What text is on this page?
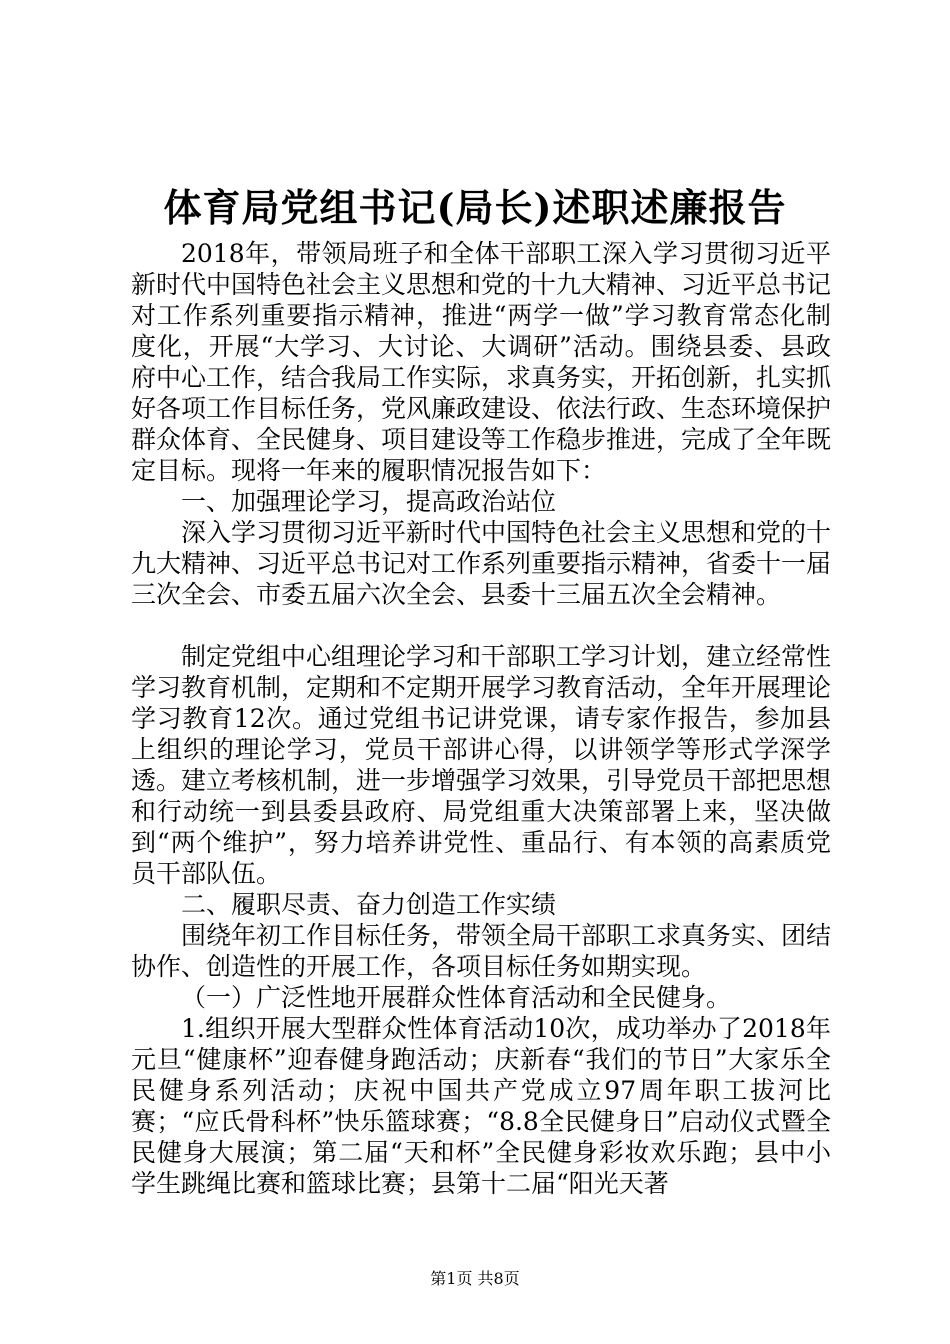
体育局党组书记(局长)述职述廉报告

2018年，带领局班子和全体干部职工深入学习贯彻习近平新时代中国特色社会主义思想和党的十九大精神、习近平总书记对工作系列重要指示精神，推进“两学一做”学习教育常态化制度化，开展“大学习、大讨论、大调研”活动。围绕县委、县政府中心工作，结合我局工作实际，求真务实，开拓创新，扎实抓好各项工作目标任务，党风廉政建设、依法行政、生态环境保护群众体育、全民健身、项目建设等工作稳步推进，完成了全年既定目标。现将一年来的履职情况报告如下：

一、加强理论学习，提高政治站位

深入学习贯彻习近平新时代中国特色社会主义思想和党的十九大精神、习近平总书记对工作系列重要指示精神，省委十一届三次全会、市委五届六次全会、县委十三届五次全会精神。

制定党组中心组理论学习和干部职工学习计划，建立经常性学习教育机制，定期和不定期开展学习教育活动，全年开展理论学习教育12次。通过党组书记讲党课，请专家作报告，参加县上组织的理论学习，党员干部讲心得，以讲领学等形式学深学透。建立考核机制，进一步增强学习效果，引导党员干部把思想和行动统一到县委县政府、局党组重大决策部署上来，坚决做到“两个维护”，努力培养讲党性、重品行、有本领的高素质党员干部队伍。

二、履职尽责、奋力创造工作实绩

围绕年初工作目标任务，带领全局干部职工求真务实、团结协作、创造性的开展工作，各项目标任务如期实现。

（一）广泛性地开展群众性体育活动和全民健身。

1.组织开展大型群众性体育活动10次，成功举办了2018年元旦“健康杯”迎春健身跑活动；庆新春“我们的节日”大家乐全民健身系列活动；庆祝中国共产党成立97周年职工拔河比赛；“应氏骨科杯”快乐篮球赛；“8.8全民健身日”启动仪式暨全民健身大展演；第二届“天和杯”全民健身彩妆欢乐跑；县中小学生跳绳比赛和篮球比赛；县第十二届“阳光天著

第1页 共8页
